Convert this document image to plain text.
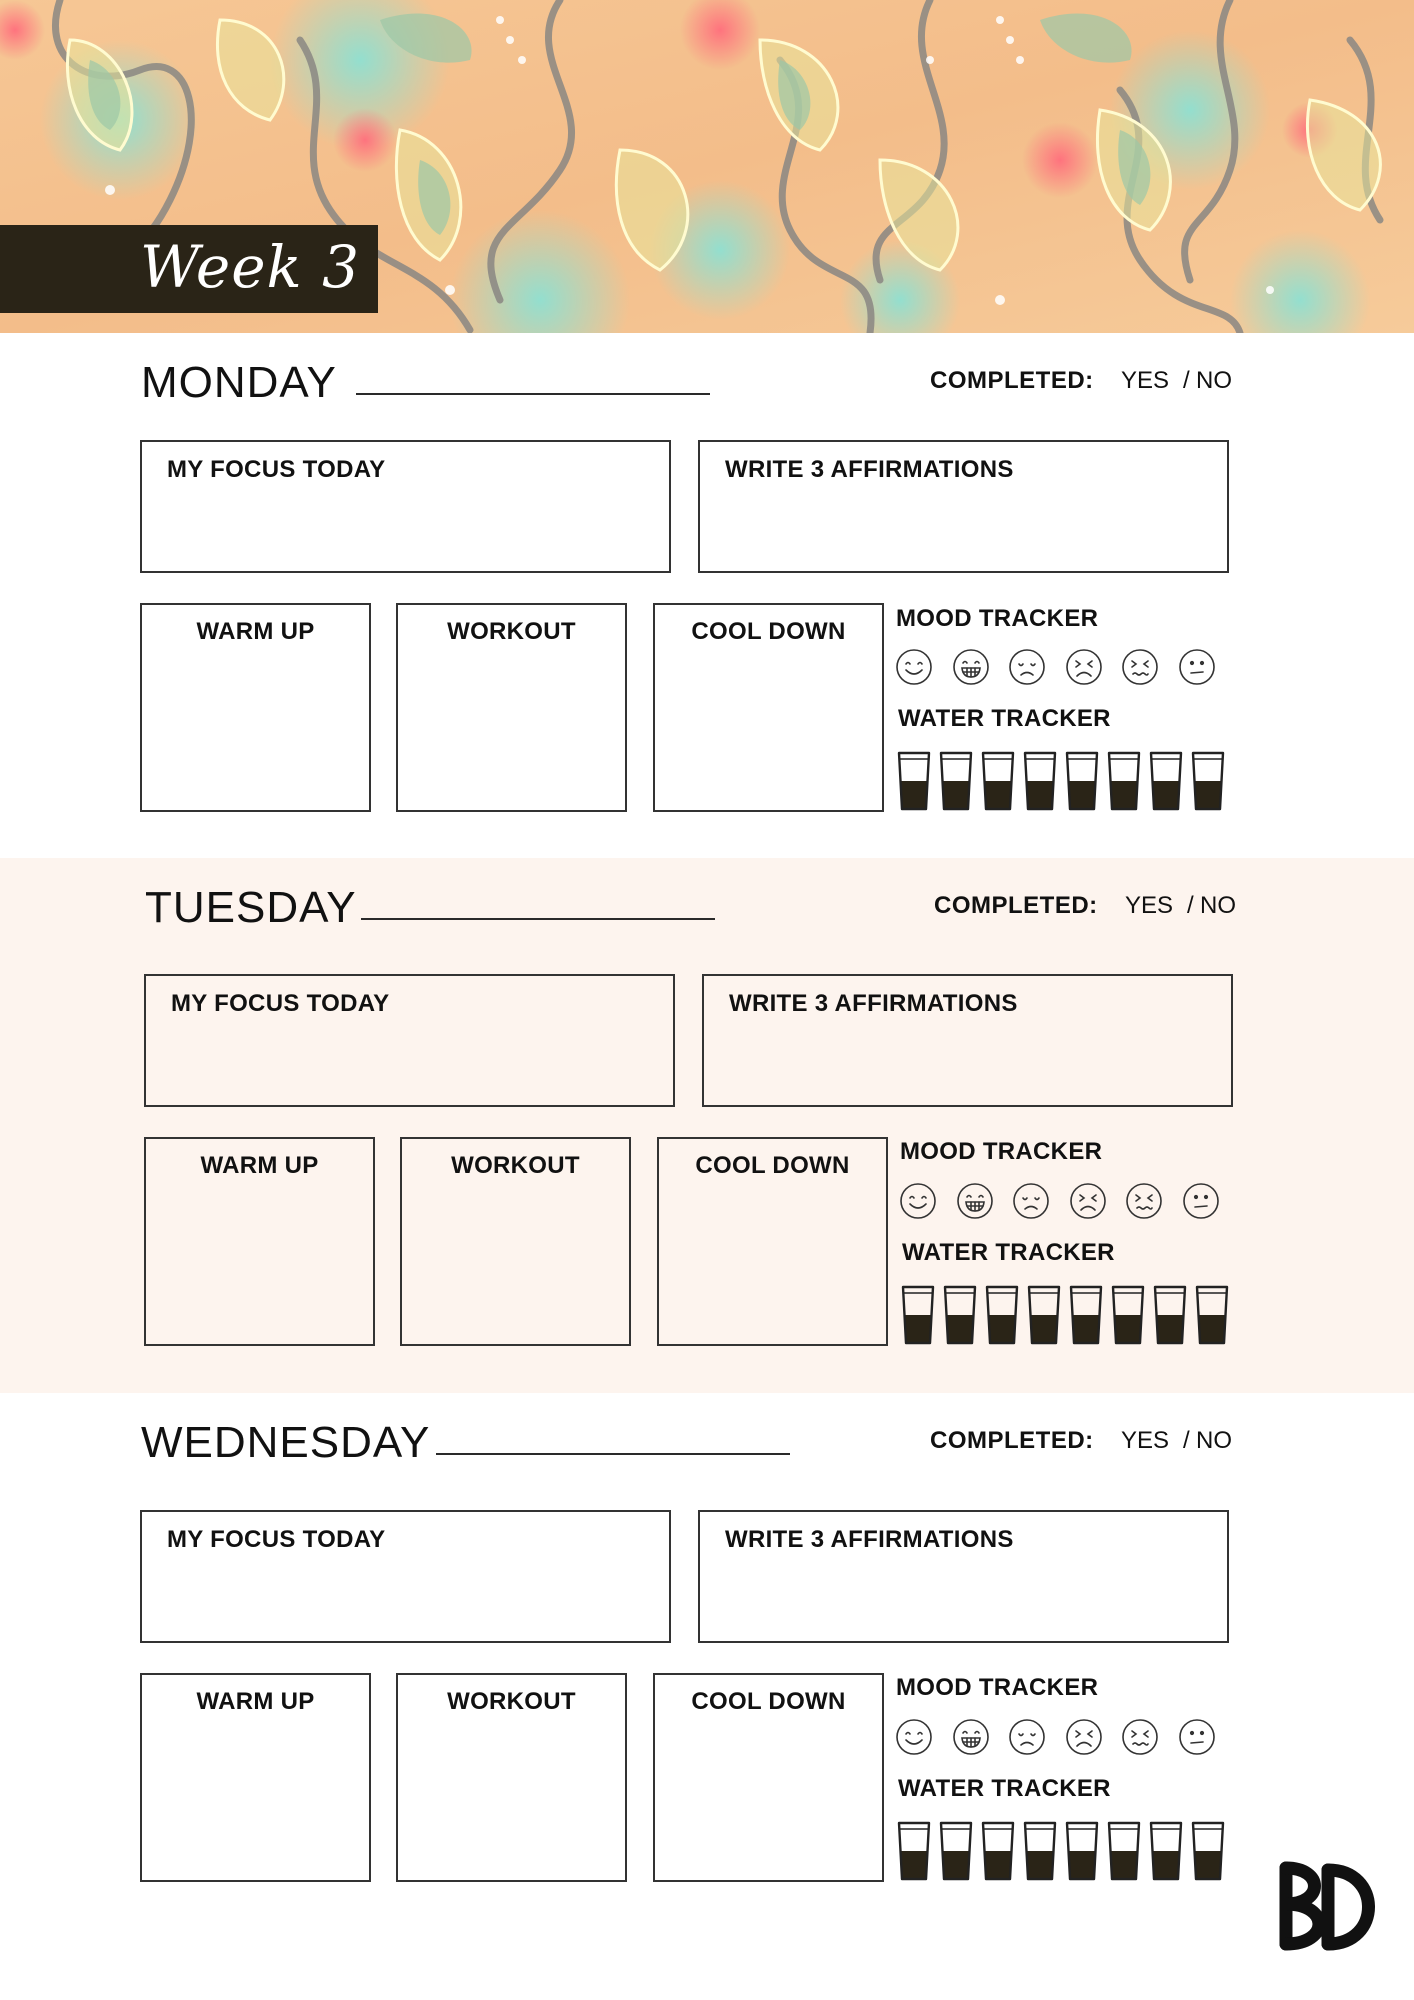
Week 3
MONDAY	COMPLETED: YES / NO
MY FOCUS TODAY	WRITE 3 AFFIRMATIONS
WARM UP	WORKOUT	COOL DOWN	MOOD TRACKER
WATER TRACKER
TUESDAY	COMPLETED: YES / NO
MY FOCUS TODAY	WRITE 3 AFFIRMATIONS
WARM UP	WORKOUT	COOL DOWN
MOOD TRACKER
WATER TRACKER
WEDNESDAY	COMPLETED: YES / NO
MY FOCUS TODAY	WRITE 3 AFFIRMATIONS
WARM UP	WORKOUT	COOL DOWN
MOOD TRACKER
WATER TRACKER
